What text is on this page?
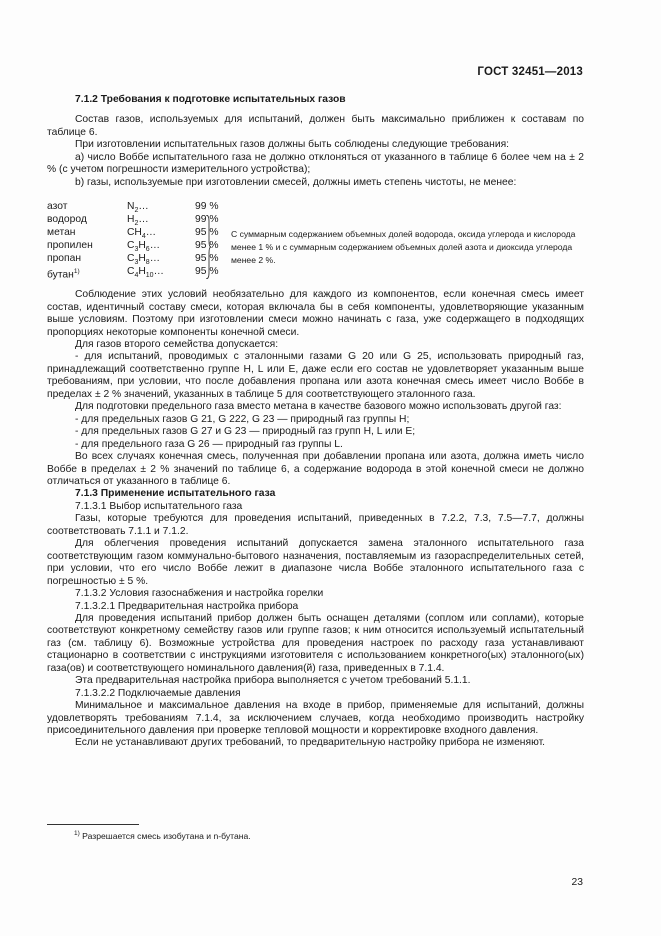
ГОСТ 32451—2013

7.1.2 Требования к подготовке испытательных газов

Состав газов, используемых для испытаний, должен быть максимально приближен к составам по таблице 6.

При изготовлении испытательных газов должны быть соблюдены следующие требования:

a) число Воббе испытательного газа не должно отклоняться от указанного в таблице 6 более чем на ± 2 % (с учетом погрешности измерительного устройства);

b) газы, используемые при изготовлении смесей, должны иметь степень чистоты, не менее:

азот	$N_2\dots$	99 %
водород	$H_2\dots$	99 %
метан	$CH_4\dots$	95 %
пропилен	$C_3H_6\dots$	95 %
пропан	$C_3H_8\dots$	95 %
бутан$^{1)}$	$C_4H_{10}\dots$	95 %
С суммарным содержанием объемных долей водорода, оксида углерода и кислорода менее 1 % и с суммарным содержанием объемных долей азота и диоксида углерода менее 2 %.

Соблюдение этих условий необязательно для каждого из компонентов, если конечная смесь имеет состав, идентичный составу смеси, которая включала бы в себя компоненты, удовлетворяющие указанным выше условиям. Поэтому при изготовлении смеси можно начинать с газа, уже содержащего в подходящих пропорциях некоторые компоненты конечной смеси.

Для газов второго семейства допускается:

- для испытаний, проводимых с эталонными газами G 20 или G 25, использовать природный газ, принадлежащий соответственно группе H, L или E, даже если его состав не удовлетворяет указанным выше требованиям, при условии, что после добавления пропана или азота конечная смесь имеет число Воббе в пределах ± 2 % значений, указанных в таблице 5 для соответствующего эталонного газа.

Для подготовки предельного газа вместо метана в качестве базового можно использовать другой газ:

- для предельных газов G 21, G 222, G 23 — природный газ группы H;

- для предельных газов G 27 и G 23 — природный газ групп H, L или E;

- для предельного газа G 26 — природный газ группы L.

Во всех случаях конечная смесь, полученная при добавлении пропана или азота, должна иметь число Воббе в пределах ± 2 % значений по таблице 6, а содержание водорода в этой конечной смеси не должно отличаться от указанного в таблице 6.

7.1.3 Применение испытательного газа

7.1.3.1 Выбор испытательного газа

Газы, которые требуются для проведения испытаний, приведенных в 7.2.2, 7.3, 7.5—7.7, должны соответствовать 7.1.1 и 7.1.2.

Для облегчения проведения испытаний допускается замена эталонного испытательного газа соответствующим газом коммунально-бытового назначения, поставляемым из газораспределительных сетей, при условии, что его число Воббе лежит в диапазоне числа Воббе эталонного испытательного газа с погрешностью ± 5 %.

7.1.3.2 Условия газоснабжения и настройка горелки

7.1.3.2.1 Предварительная настройка прибора

Для проведения испытаний прибор должен быть оснащен деталями (соплом или соплами), которые соответствуют конкретному семейству газов или группе газов; к ним относится используемый испытательный газ (см. таблицу 6). Возможные устройства для проведения настроек по расходу газа устанавливают стационарно в соответствии с инструкциями изготовителя с использованием конкретного(ых) эталонного(ых) газа(ов) и соответствующего номинального давления(й) газа, приведенных в 7.1.4.

Эта предварительная настройка прибора выполняется с учетом требований 5.1.1.

7.1.3.2.2 Подключаемые давления

Минимальное и максимальное давления на входе в прибор, применяемые для испытаний, должны удовлетворять требованиям 7.1.4, за исключением случаев, когда необходимо производить настройку присоединительного давления при проверке тепловой мощности и корректировке входного давления.

Если не устанавливают других требований, то предварительную настройку прибора не изменяют.

$^{1)}$ Разрешается смесь изобутана и n-бутана.
23
